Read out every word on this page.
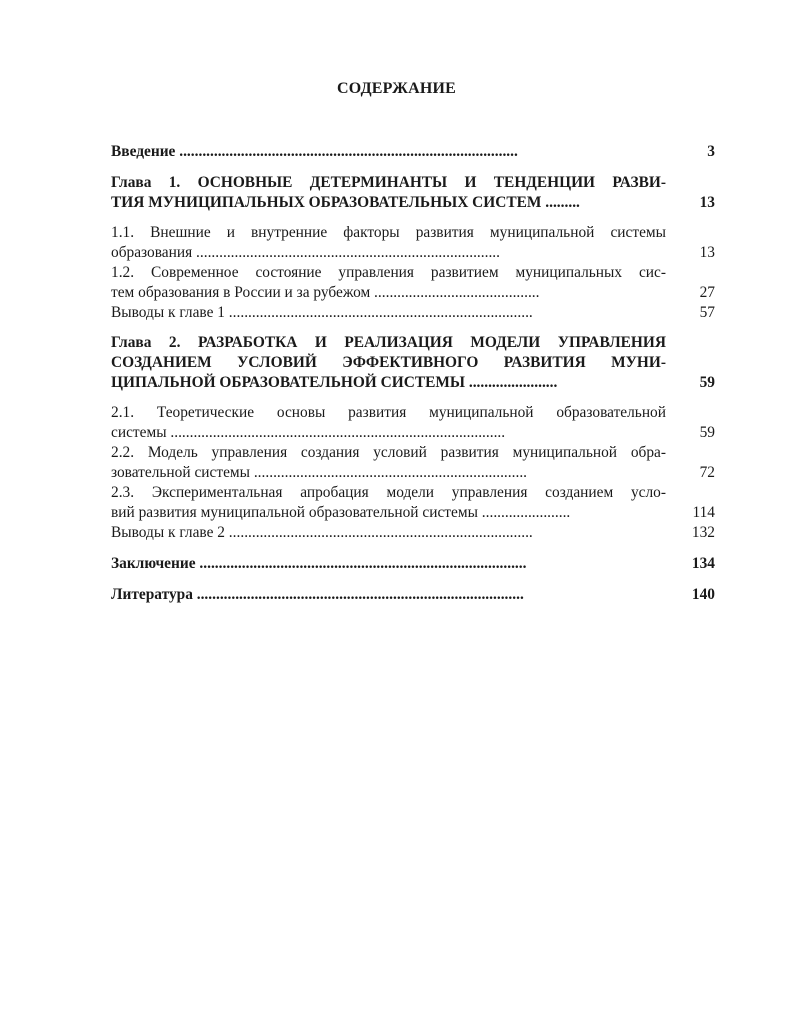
СОДЕРЖАНИЕ
Введение ........................................................................................	3
Глава 1. ОСНОВНЫЕ ДЕТЕРМИНАНТЫ И ТЕНДЕНЦИИ РАЗВИ-
ТИЯ МУНИЦИПАЛЬНЫХ ОБРАЗОВАТЕЛЬНЫХ СИСТЕМ .........	13
1.1. Внешние и внутренние факторы развития муниципальной системы
образования ...............................................................................	13
1.2. Современное состояние управления развитием муниципальных сис-
тем образования в России и за рубежом ...........................................	27
Выводы к главе 1 ...............................................................................	57
Глава 2. РАЗРАБОТКА И РЕАЛИЗАЦИЯ МОДЕЛИ УПРАВЛЕНИЯ
СОЗДАНИЕМ УСЛОВИЙ ЭФФЕКТИВНОГО РАЗВИТИЯ МУНИ-
ЦИПАЛЬНОЙ ОБРАЗОВАТЕЛЬНОЙ СИСТЕМЫ .......................	59
2.1. Теоретические основы развития муниципальной образовательной
системы .......................................................................................	59
2.2. Модель управления создания условий развития муниципальной обра-
зовательной системы .......................................................................	72
2.3. Экспериментальная апробация модели управления созданием усло-
вий развития муниципальной образовательной системы .......................	114
Выводы к главе 2 ...............................................................................	132
Заключение .....................................................................................	134
Литература .....................................................................................	140
